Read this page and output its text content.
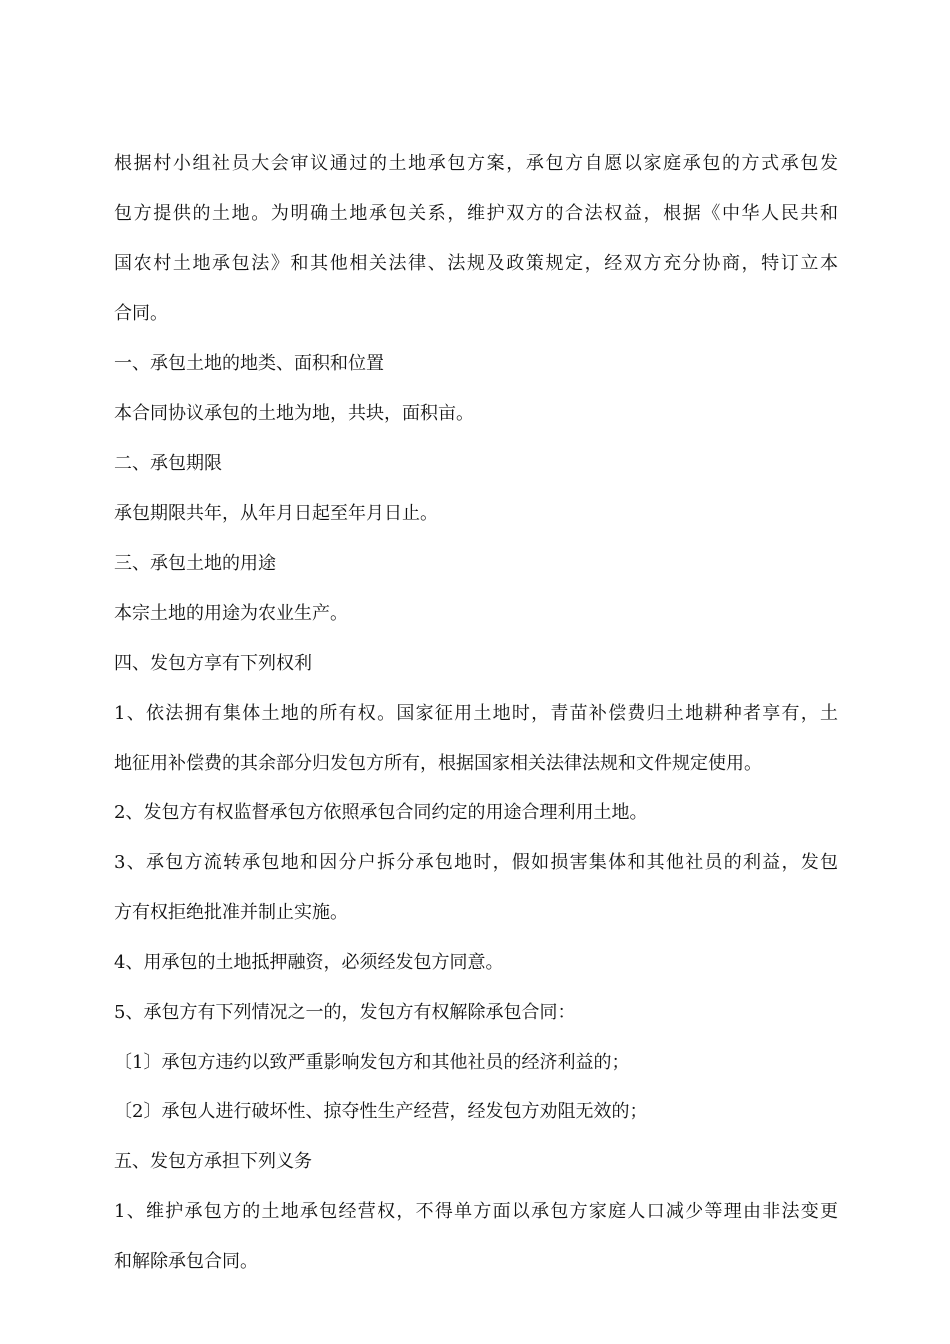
根据村小组社员大会审议通过的土地承包方案，承包方自愿以家庭承包的方式承包发
包方提供的土地。为明确土地承包关系，维护双方的合法权益，根据《中华人民共和
国农村土地承包法》和其他相关法律、法规及政策规定，经双方充分协商，特订立本
合同。
一、承包土地的地类、面积和位置
本合同协议承包的土地为地，共块，面积亩。
二、承包期限
承包期限共年，从年月日起至年月日止。
三、承包土地的用途
本宗土地的用途为农业生产。
四、发包方享有下列权利
1、依法拥有集体土地的所有权。国家征用土地时，青苗补偿费归土地耕种者享有，土
地征用补偿费的其余部分归发包方所有，根据国家相关法律法规和文件规定使用。
2、发包方有权监督承包方依照承包合同约定的用途合理利用土地。
3、承包方流转承包地和因分户拆分承包地时，假如损害集体和其他社员的利益，发包
方有权拒绝批准并制止实施。
4、用承包的土地抵押融资，必须经发包方同意。
5、承包方有下列情况之一的，发包方有权解除承包合同：
〔1〕承包方违约以致严重影响发包方和其他社员的经济利益的；
〔2〕承包人进行破坏性、掠夺性生产经营，经发包方劝阻无效的；
五、发包方承担下列义务
1、维护承包方的土地承包经营权，不得单方面以承包方家庭人口减少等理由非法变更
和解除承包合同。
